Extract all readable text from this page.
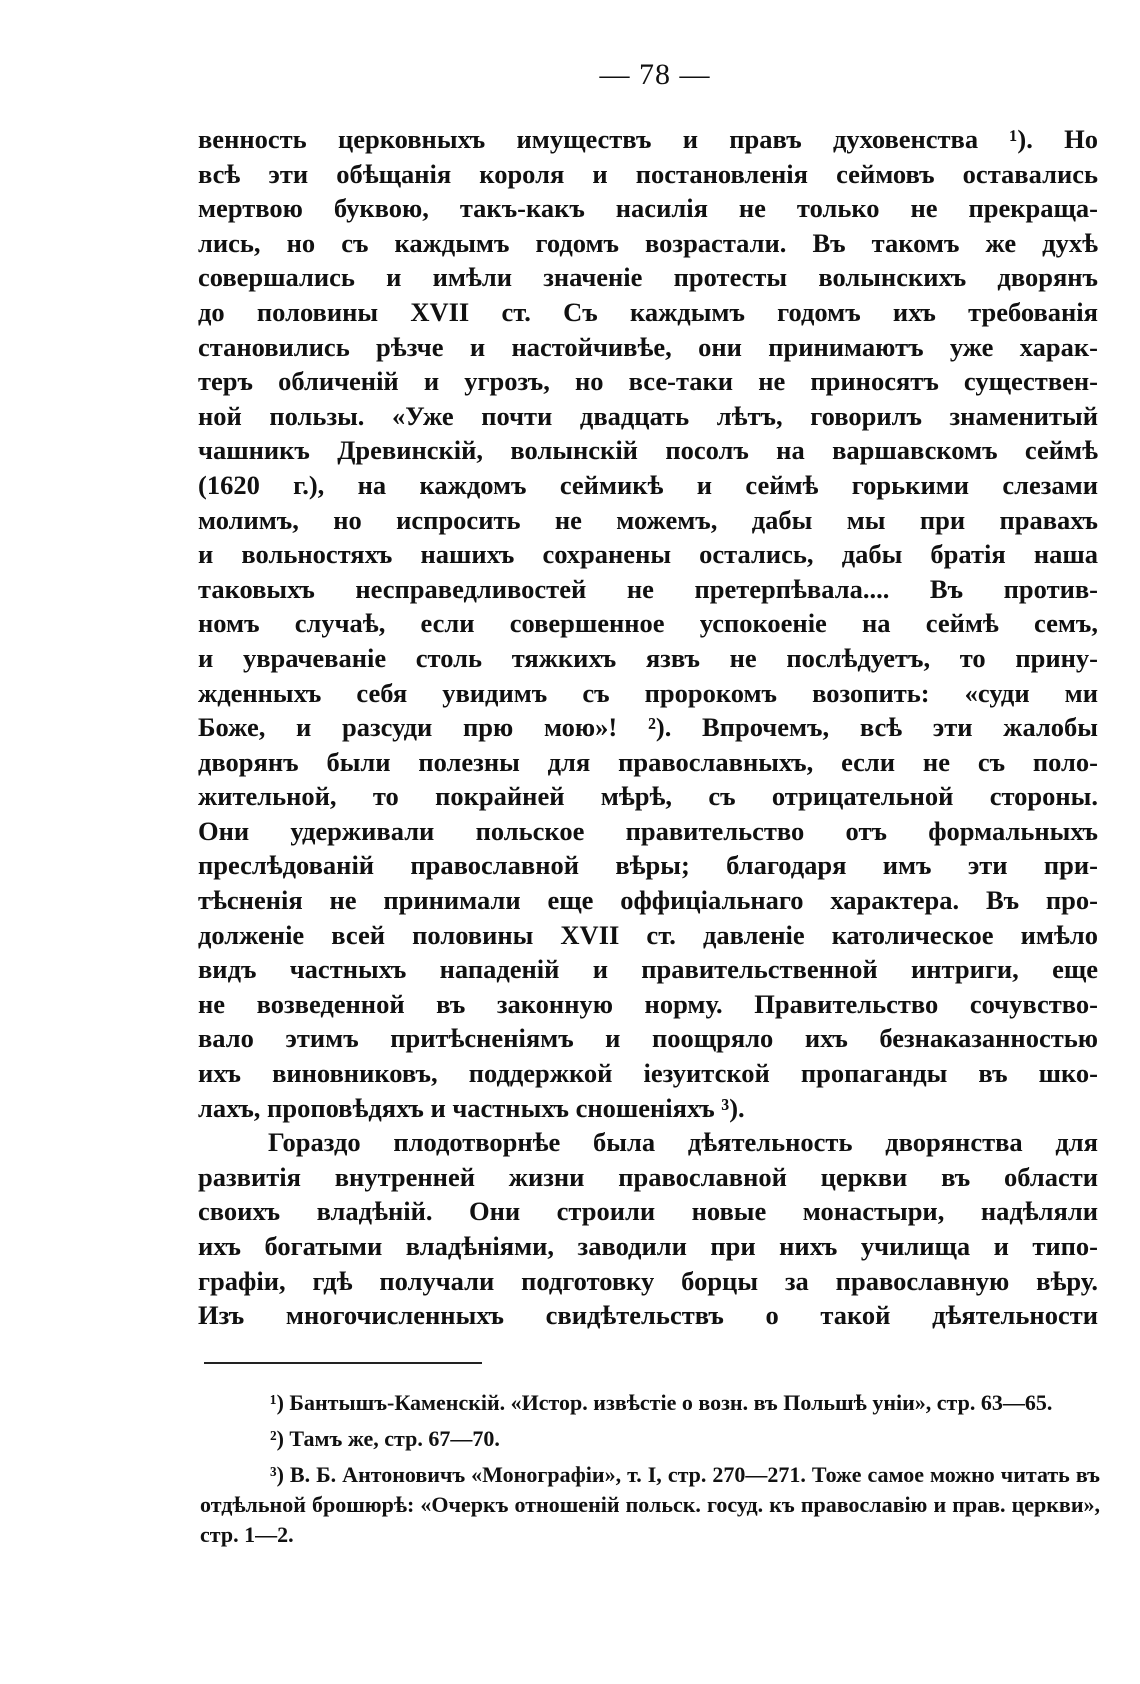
— 78 —

венность церковныхъ имуществъ и правъ духовенства ¹). Но

всѣ эти обѣщанія короля и постановленія сеймовъ оставались

мертвою буквою, такъ-какъ насилія не только не прекраща-

лись, но съ каждымъ годомъ возрастали. Въ такомъ же духѣ

совершались и имѣли значеніе протесты волынскихъ дворянъ

до половины XVII ст. Съ каждымъ годомъ ихъ требованія

становились рѣзче и настойчивѣе, они принимаютъ уже харак-

теръ обличеній и угрозъ, но все-таки не приносятъ существен-

ной пользы. «Уже почти двадцать лѣтъ, говорилъ знаменитый

чашникъ Древинскій, волынскій посолъ на варшавскомъ сеймѣ

(1620 г.), на каждомъ сеймикѣ и сеймѣ горькими слезами

молимъ, но испросить не можемъ, дабы мы при правахъ

и вольностяхъ нашихъ сохранены остались, дабы братія наша

таковыхъ несправедливостей не претерпѣвала.... Въ против-

номъ случаѣ, если совершенное успокоеніе на сеймѣ семъ,

и уврачеваніе столь тяжкихъ язвъ не послѣдуетъ, то прину-

жденныхъ себя увидимъ съ пророкомъ возопить: «суди ми

Боже, и разсуди прю мою»! ²). Впрочемъ, всѣ эти жалобы

дворянъ были полезны для православныхъ, если не съ поло-

жительной, то покрайней мѣрѣ, съ отрицательной стороны.

Они удерживали польское правительство отъ формальныхъ

преслѣдованій православной вѣры; благодаря имъ эти при-

тѣсненія не принимали еще оффиціальнаго характера. Въ про-

долженіе всей половины XVII ст. давленіе католическое имѣло

видъ частныхъ нападеній и правительственной интриги, еще

не возведенной въ законную норму. Правительство сочувство-

вало этимъ притѣсненіямъ и поощряло ихъ безнаказанностью

ихъ виновниковъ, поддержкой іезуитской пропаганды въ шко-

лахъ, проповѣдяхъ и частныхъ сношеніяхъ ³).

Гораздо плодотворнѣе была дѣятельность дворянства для

развитія внутренней жизни православной церкви въ области

своихъ владѣній. Они строили новые монастыри, надѣляли

ихъ богатыми владѣніями, заводили при нихъ училища и типо-

графіи, гдѣ получали подготовку борцы за православную вѣру.

Изъ многочисленныхъ свидѣтельствъ о такой дѣятельности

¹) Бантышъ-Каменскій. «Истор. извѣстіе о возн. въ Польшѣ уніи», стр. 63—65.

²) Тамъ же, стр. 67—70.

³) В. Б. Антоновичъ «Монографіи», т. I, стр. 270—271. Тоже самое можно читать въ отдѣльной брошюрѣ: «Очеркъ отношеній польск. госуд. къ православію и прав. церкви», стр. 1—2.
